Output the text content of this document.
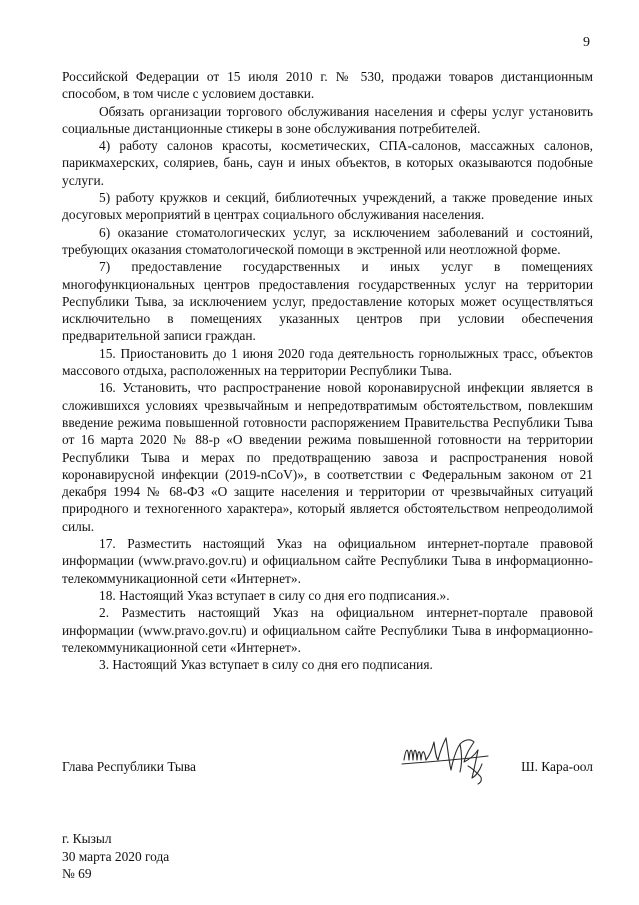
9

Российской Федерации от 15 июля 2010 г. № 530, продажи товаров дистанционным способом, в том числе с условием доставки.

Обязать организации торгового обслуживания населения и сферы услуг установить социальные дистанционные стикеры в зоне обслуживания потребителей.

4) работу салонов красоты, косметических, СПА-салонов, массажных салонов, парикмахерских, соляриев, бань, саун и иных объектов, в которых оказываются подобные услуги.

5) работу кружков и секций, библиотечных учреждений, а также проведение иных досуговых мероприятий в центрах социального обслуживания населения.

6) оказание стоматологических услуг, за исключением заболеваний и состояний, требующих оказания стоматологической помощи в экстренной или неотложной форме.

7) предоставление государственных и иных услуг в помещениях многофункциональных центров предоставления государственных услуг на территории Республики Тыва, за исключением услуг, предоставление которых может осуществляться исключительно в помещениях указанных центров при условии обеспечения предварительной записи граждан.

15. Приостановить до 1 июня 2020 года деятельность горнолыжных трасс, объектов массового отдыха, расположенных на территории Республики Тыва.

16. Установить, что распространение новой коронавирусной инфекции является в сложившихся условиях чрезвычайным и непредотвратимым обстоятельством, повлекшим введение режима повышенной готовности распоряжением Правительства Республики Тыва от 16 марта 2020 № 88-р «О введении режима повышенной готовности на территории Республики Тыва и мерах по предотвращению завоза и распространения новой коронавирусной инфекции (2019-nCoV)», в соответствии с Федеральным законом от 21 декабря 1994 № 68-ФЗ «О защите населения и территории от чрезвычайных ситуаций природного и техногенного характера», который является обстоятельством непреодолимой силы.

17. Разместить настоящий Указ на официальном интернет-портале правовой информации (www.pravo.gov.ru) и официальном сайте Республики Тыва в информационно-телекоммуникационной сети «Интернет».

18. Настоящий Указ вступает в силу со дня его подписания.».

2. Разместить настоящий Указ на официальном интернет-портале правовой информации (www.pravo.gov.ru) и официальном сайте Республики Тыва в информационно-телекоммуникационной сети «Интернет».

3. Настоящий Указ вступает в силу со дня его подписания.

Глава Республики Тыва	Ш. Кара-оол
г. Кызыл
30 марта 2020 года
№ 69
